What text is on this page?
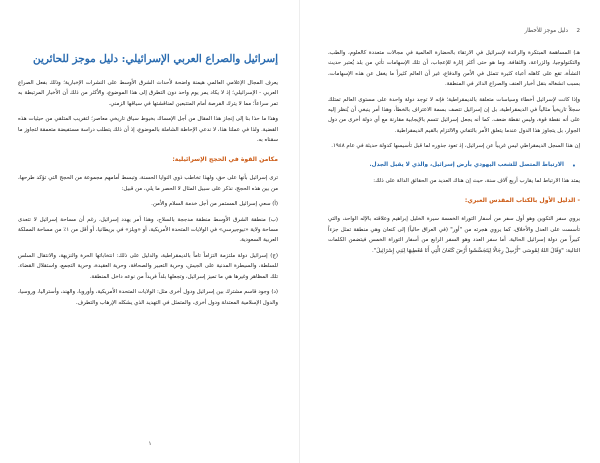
إسرائيل والصراع العربي الإسرائيلي: دليل موجز للحائرين

يعرف المجال الإعلامي العالمي هيمنة واضحة لأحداث الشرق الأوسط على النشرات الإخبارية؛ وذلك بفعل الصراع العربي - الإسرائيلي؛ إذ لا يكاد يمر يوم واحد دون التطرق إلى هذا الموضوع، والأكثر من ذلك أن الأخبار المرتبطة به تمر سراعاً؛ مما لا يترك الفرصة أمام المتتبعين لمناقشتها في سياقها الزمني.

وهذا ما حذا بنا إلى إنجاز هذا المقال من أجل الإمساك بخيوط سياق تاريخي معاصر؛ لتقريب المتلقي من حيثيات هذه القضية. ولذا في عملنا هذا، لا ندعي الإحاطة الشاملة بالموضوع، إذ أن ذلك يتطلب دراسة مستفيضة متعمقة لتجاوز ما سقناه به.

مكامن القوة في الحجج الإسرائيلية:

ترى إسرائيل بأنها على حق، ولهذا تخاطب ذوي النوايا الحسنة، وتبسط أمامهم مجموعة من الحجج التي تؤكد طرحها، من بين هذه الحجج، نذكر على سبيل المثال لا الحصر ما يلي، من قبيل:

(أ) سعي إسرائيل المستمر من أجل خدمة السلام والأمن.

(ب) منطقة الشرق الأوسط منطقة مدججة بالسلاح، وهذا أمر يهدد إسرائيل، رغم أن مساحة إسرائيل لا تتعدى مساحة ولاية «نيوجيرسي» في الولايات المتحدة الأمريكية، أو «ويلز» في بريطانيا، أو أقل من ١٪ من مساحة المملكة العربية السعودية.

(ج) إسرائيل دولة ملتزمة التزاماً تاماً بالديمقراطية، والدليل على ذلك: انتخاباتها الحرة والنزيهة، والانتقال السلس للسلطة، والسيطرة المدنية على الجيش، وحرية التعبير والصحافة، وحرية العقيدة، وحرية التجمع، واستقلال القضاء. تلك المظاهر وغيرها هي ما تميز إسرائيل، وتجعلها بلداً فريداً من نوعه داخل المنطقة.

(د) وجود قاسم مشترك بين إسرائيل ودول أخرى مثل: الولايات المتحدة الأمريكية، وأوروبا، والهند، وأستراليا، وروسيا، والدول الإسلامية المعتدلة ودول أخرى، والمتمثل في التهديد الذي يشكله الإرهاب والتطرف.

١
2
دليل موجز للأخطار

هـ) المساهمة المبتكرة والرائدة لإسرائيل في الارتقاء بالحضارة العالمية في مجالات متعددة كالعلوم، والطب، والتكنولوجيا، والزراعة، والثقافة. وما هو حتى أكثر إثارة للإعجاب، أن تلك الإسهامات تأتي من بلد يُعتبر حديث النشأة، تقع على كاهله أعباء كثيرة تتمثل في الأمن والدفاع، غير أن العالم كثيراً ما يغفل عن هذه الإسهامات، بسبب انشغاله بنقل أخبار العنف والصراع الدائر في المنطقة.

وإذا كانت لإسرائيل أخطاء وسياسات متعلقة بالديمقراطية؛ فإنه لا توجد دولة واحدة على مستوى العالم تمتلك سجلاً تاريخياً مثالياً في الديمقراطية، بل إن إسرائيل تتصف بسمة الاعتراف بالخطأ، وهذا أمر ينبغي أن يُنظر إليه على أنه نقطة قوة، وليس نقطة ضعف. كما أنه يجعل إسرائيل تتسم بالإيجابية مقارنة مع أي دولة أخرى من دول الجوار، بل يتجاوز هذا الدول عندما يتعلق الأمر بالتفاني والالتزام بالقيم الديمقراطية.

إن هذا السجل الديمقراطي ليس غريباً عن إسرائيل، إذ تعود جذوره لما قبل تأسيسها كدولة حديثة في عام ١٩٤٨.

•
الارتباط المتصل للشعب اليهودي بأرض إسرائيل، والذي لا يقبل الجدل.

يمتد هذا الارتباط لما يقارب أربع آلاف سنة، حيث إن هناك العديد من الحقائق الدالة على ذلك:

- الدليل الأول بالكتاب المقدس العبري:

يروي سفر التكوين وهو أول سفر من أسفار التوراة الخمسة سيرة الخليل إبراهيم وعلاقته بالإله الواحد، والتي تأسست على العدل والأخلاق، كما يروي هجرته من "أور" (في العراق حالياً) إلى كنعان وهي منطقة تمثل جزءاً كبيراً من دولة إسرائيل الحالية. أما سفر العدد وهو السفر الرابع من أسفار التوراة الخمس فيتضمن الكلمات التالية: "وَقَالَ اللهُ لِمُوسَى "أَرْسِلْ رِجَالًا لِيَتَجَسَّسُوا أَرْضَ كَنْعَانَ الَّتِي أَنَا مُعْطِيهَا لِبَنِي إِسْرَائِيلَ".
